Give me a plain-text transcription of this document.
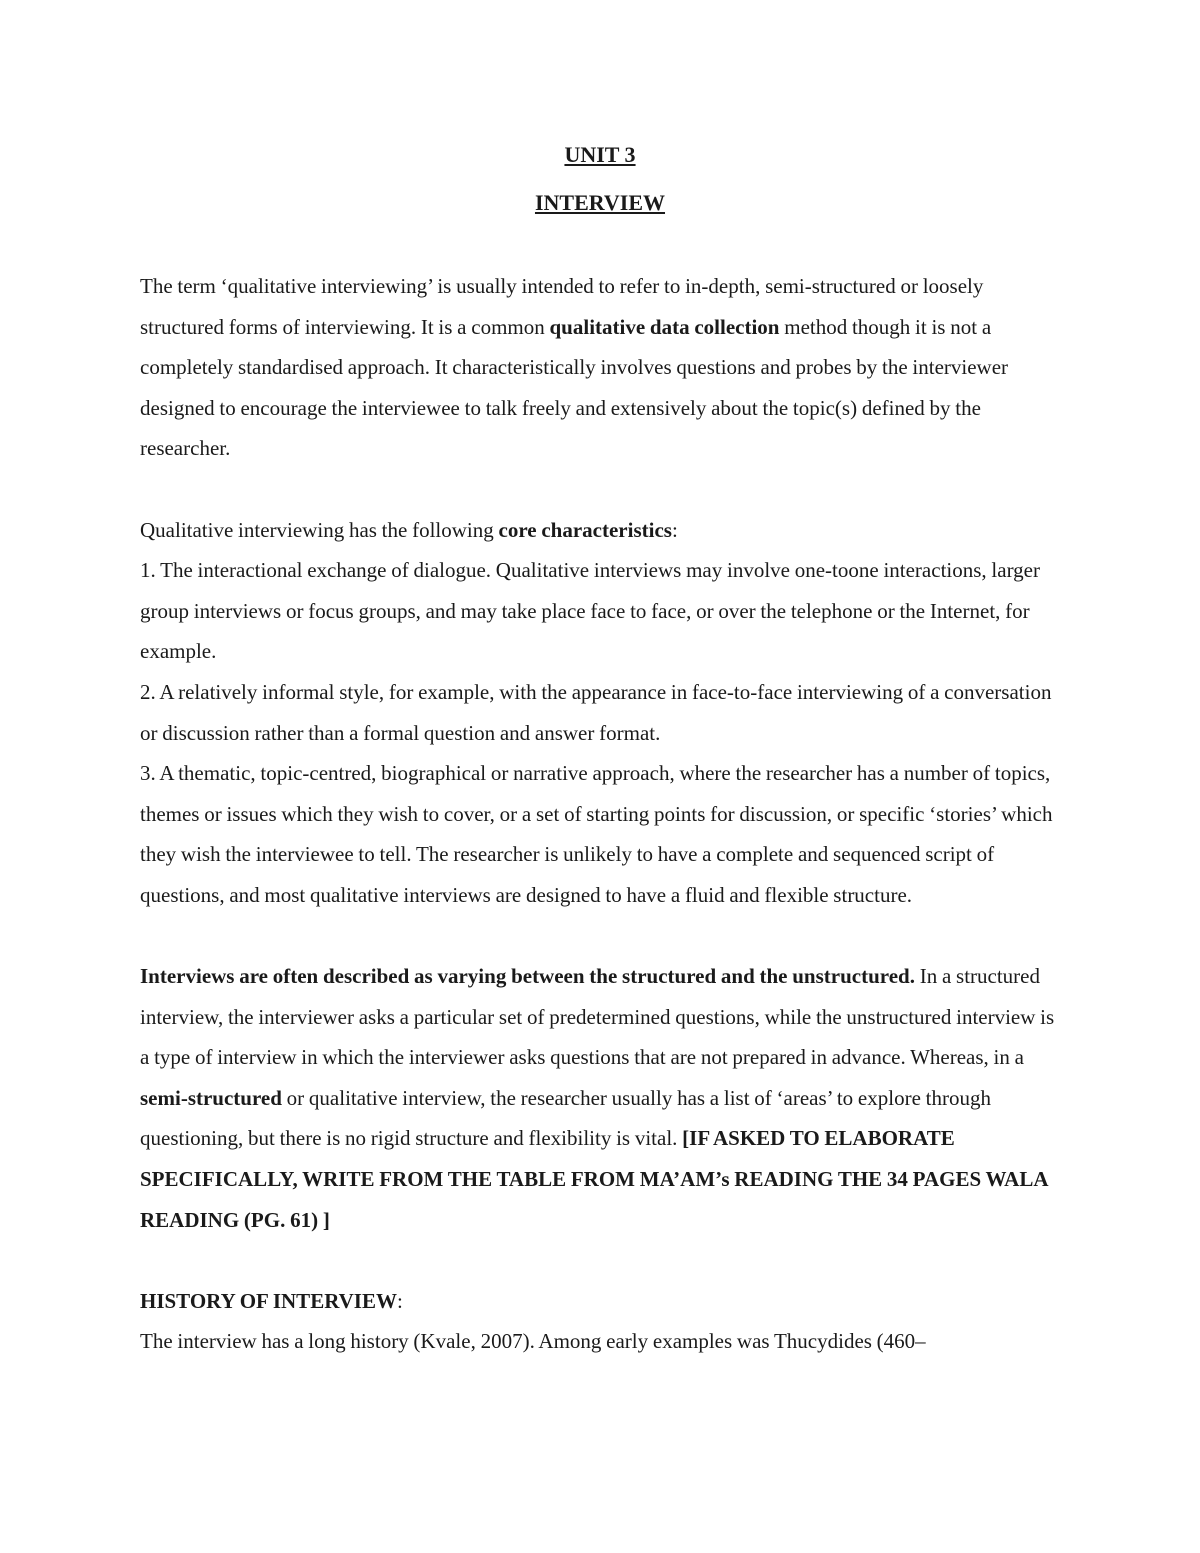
UNIT 3

INTERVIEW

The term ‘qualitative interviewing’ is usually intended to refer to in-depth, semi-structured or loosely structured forms of interviewing. It is a common qualitative data collection method though it is not a completely standardised approach. It characteristically involves questions and probes by the interviewer designed to encourage the interviewee to talk freely and extensively about the topic(s) defined by the researcher.

Qualitative interviewing has the following core characteristics:

1. The interactional exchange of dialogue. Qualitative interviews may involve one-toone interactions, larger group interviews or focus groups, and may take place face to face, or over the telephone or the Internet, for example.

2. A relatively informal style, for example, with the appearance in face-to-face interviewing of a conversation or discussion rather than a formal question and answer format.

3. A thematic, topic-centred, biographical or narrative approach, where the researcher has a number of topics, themes or issues which they wish to cover, or a set of starting points for discussion, or specific ‘stories’ which they wish the interviewee to tell. The researcher is unlikely to have a complete and sequenced script of questions, and most qualitative interviews are designed to have a fluid and flexible structure.

Interviews are often described as varying between the structured and the unstructured. In a structured interview, the interviewer asks a particular set of predetermined questions, while the unstructured interview is a type of interview in which the interviewer asks questions that are not prepared in advance. Whereas, in a semi-structured or qualitative interview, the researcher usually has a list of ‘areas’ to explore through questioning, but there is no rigid structure and flexibility is vital. [IF ASKED TO ELABORATE SPECIFICALLY, WRITE FROM THE TABLE FROM MA’AM’s READING THE 34 PAGES WALA READING (PG. 61) ]

HISTORY OF INTERVIEW:

The interview has a long history (Kvale, 2007). Among early examples was Thucydides (460–
